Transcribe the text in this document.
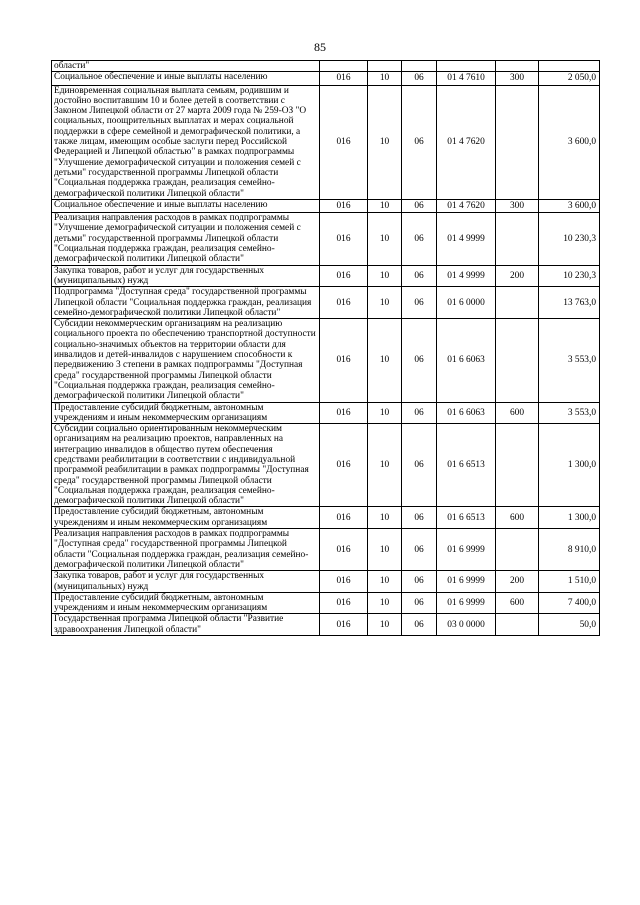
85
области"						
Социальное обеспечение и иные выплаты населению	016	10	06	01 4 7610	300	2 050,0
Единовременная социальная выплата семьям, родившим и достойно воспитавшим 10 и более детей в соответствии с Законом Липецкой области от 27 марта 2009 года № 259-ОЗ "О социальных, поощрительных выплатах и мерах социальной поддержки в сфере семейной и демографической политики, а также лицам, имеющим особые заслуги перед Российской Федерацией и Липецкой областью" в рамках подпрограммы "Улучшение демографической ситуации и положения семей с детьми" государственной программы Липецкой области "Социальная поддержка граждан, реализация семейно-демографической политики Липецкой области"	016	10	06	01 4 7620		3 600,0
Социальное обеспечение и иные выплаты населению	016	10	06	01 4 7620	300	3 600,0
Реализация направления расходов в рамках подпрограммы "Улучшение демографической ситуации и положения семей с детьми" государственной программы Липецкой области "Социальная поддержка граждан, реализация семейно-демографической политики Липецкой области"	016	10	06	01 4 9999		10 230,3
Закупка товаров, работ и услуг для государственных (муниципальных) нужд	016	10	06	01 4 9999	200	10 230,3
Подпрограмма "Доступная среда" государственной программы Липецкой области "Социальная поддержка граждан, реализация семейно-демографической политики Липецкой области"	016	10	06	01 6 0000		13 763,0
Субсидии некоммерческим организациям на реализацию социального проекта по обеспечению транспортной доступности социально-значимых объектов на территории области для инвалидов и детей-инвалидов с нарушением способности к передвижению 3 степени в рамках подпрограммы "Доступная среда" государственной программы Липецкой области "Социальная поддержка граждан, реализация семейно-демографической политики Липецкой области"	016	10	06	01 6 6063		3 553,0
Предоставление субсидий бюджетным, автономным учреждениям и иным некоммерческим организациям	016	10	06	01 6 6063	600	3 553,0
Субсидии социально ориентированным некоммерческим организациям на реализацию проектов, направленных на интеграцию инвалидов в общество путем обеспечения средствами реабилитации в соответствии с индивидуальной программой реабилитации в рамках подпрограммы "Доступная среда" государственной программы Липецкой области "Социальная поддержка граждан, реализация семейно-демографической политики Липецкой области"	016	10	06	01 6 6513		1 300,0
Предоставление субсидий бюджетным, автономным учреждениям и иным некоммерческим организациям	016	10	06	01 6 6513	600	1 300,0
Реализация направления расходов в рамках подпрограммы "Доступная среда" государственной программы Липецкой области "Социальная поддержка граждан, реализация семейно-демографической политики Липецкой области"	016	10	06	01 6 9999		8 910,0
Закупка товаров, работ и услуг для государственных (муниципальных) нужд	016	10	06	01 6 9999	200	1 510,0
Предоставление субсидий бюджетным, автономным учреждениям и иным некоммерческим организациям	016	10	06	01 6 9999	600	7 400,0
Государственная программа Липецкой области "Развитие здравоохранения Липецкой области"	016	10	06	03 0 0000		50,0
